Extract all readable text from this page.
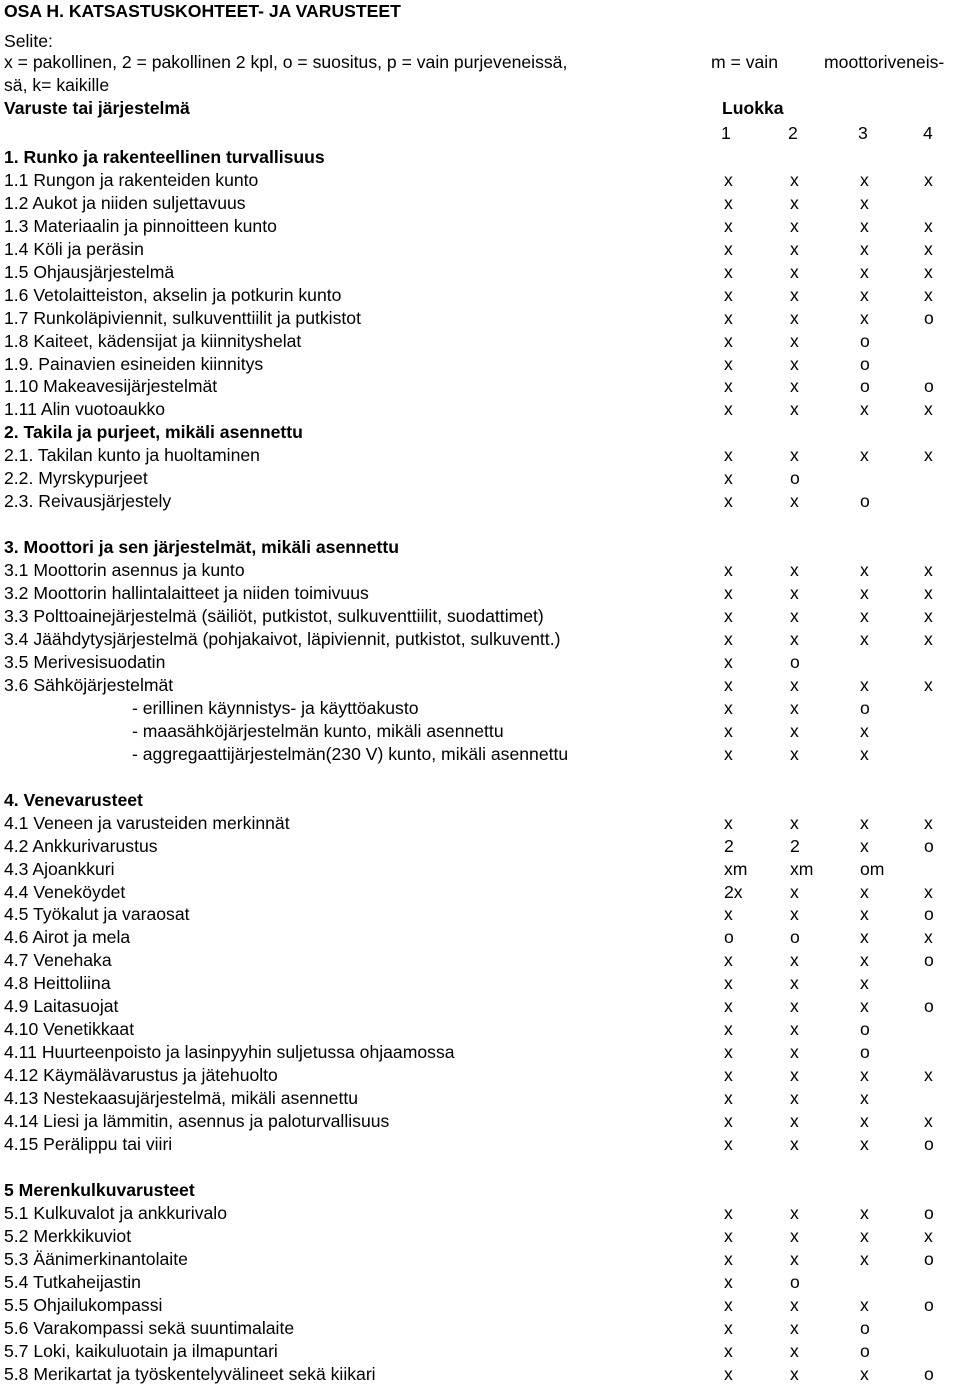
OSA H. KATSASTUSKOHTEET- JA VARUSTEET
Selite:
x = pakollinen, 2 = pakollinen 2 kpl, o = suositus, p = vain purjeveneissä,	m = vain	moottoriveneis-
sä, k= kaikille
Varuste tai järjestelmä	Luokka
1	2	3	4
1. Runko ja rakenteellinen turvallisuus
1.1 Rungon ja rakenteiden kunto	x	x	x	x
1.2 Aukot ja niiden suljettavuus	x	x	x
1.3 Materiaalin ja pinnoitteen kunto	x	x	x	x
1.4 Köli ja peräsin	x	x	x	x
1.5 Ohjausjärjestelmä	x	x	x	x
1.6 Vetolaitteiston, akselin ja potkurin kunto	x	x	x	x
1.7 Runkoläpiviennit, sulkuventtiilit ja putkistot	x	x	x	o
1.8 Kaiteet, kädensijat ja kiinnityshelat	x	x	o
1.9. Painavien esineiden kiinnitys	x	x	o
1.10 Makeavesijärjestelmät	x	x	o	o
1.11 Alin vuotoaukko	x	x	x	x
2. Takila ja purjeet, mikäli asennettu
2.1. Takilan kunto ja huoltaminen	x	x	x	x
2.2. Myrskypurjeet	x	o
2.3. Reivausjärjestely	x	x	o
3. Moottori ja sen järjestelmät, mikäli asennettu
3.1 Moottorin asennus ja kunto	x	x	x	x
3.2 Moottorin hallintalaitteet ja niiden toimivuus	x	x	x	x
3.3 Polttoainejärjestelmä (säiliöt, putkistot, sulkuventtiilit, suodattimet)	x	x	x	x
3.4 Jäähdytysjärjestelmä (pohjakaivot, läpiviennit, putkistot, sulkuventt.)	x	x	x	x
3.5 Merivesisuodatin	x	o
3.6 Sähköjärjestelmät	x	x	x	x
- erillinen käynnistys- ja käyttöakusto	x	x	o
- maasähköjärjestelmän kunto, mikäli asennettu	x	x	x
- aggregaattijärjestelmän(230 V) kunto, mikäli asennettu	x	x	x
4. Venevarusteet
4.1 Veneen ja varusteiden merkinnät	x	x	x	x
4.2 Ankkurivarustus	2	2	x	o
4.3 Ajoankkuri	xm xm	om
4.4 Veneköydet	2x	x	x	x
4.5 Työkalut ja varaosat	x	x	x	o
4.6 Airot ja mela	o	o	x	x
4.7 Venehaka	x	x	x	o
4.8 Heittoliina	x	x	x
4.9 Laitasuojat	x	x	x	o
4.10 Venetikkaat	x	x	o
4.11 Huurteenpoisto ja lasinpyyhin suljetussa ohjaamossa	x	x	o
4.12 Käymälävarustus ja jätehuolto	x	x	x	x
4.13 Nestekaasujärjestelmä, mikäli asennettu	x	x	x
4.14 Liesi ja lämmitin, asennus ja paloturvallisuus	x	x	x	x
4.15 Perälippu tai viiri	x	x	x	o
5 Merenkulkuvarusteet
5.1 Kulkuvalot ja ankkurivalo	x	x	x	o
5.2 Merkkikuviot	x	x	x	x
5.3 Äänimerkinantolaite	x	x	x	o
5.4 Tutkaheijastin	x	o
5.5 Ohjailukompassi	x	x	x	o
5.6 Varakompassi sekä suuntimalaite	x	x	o
5.7 Loki, kaikuluotain ja ilmapuntari	x	x	o
5.8 Merikartat ja työskentelyvälineet sekä kiikari	x	x	x	o
